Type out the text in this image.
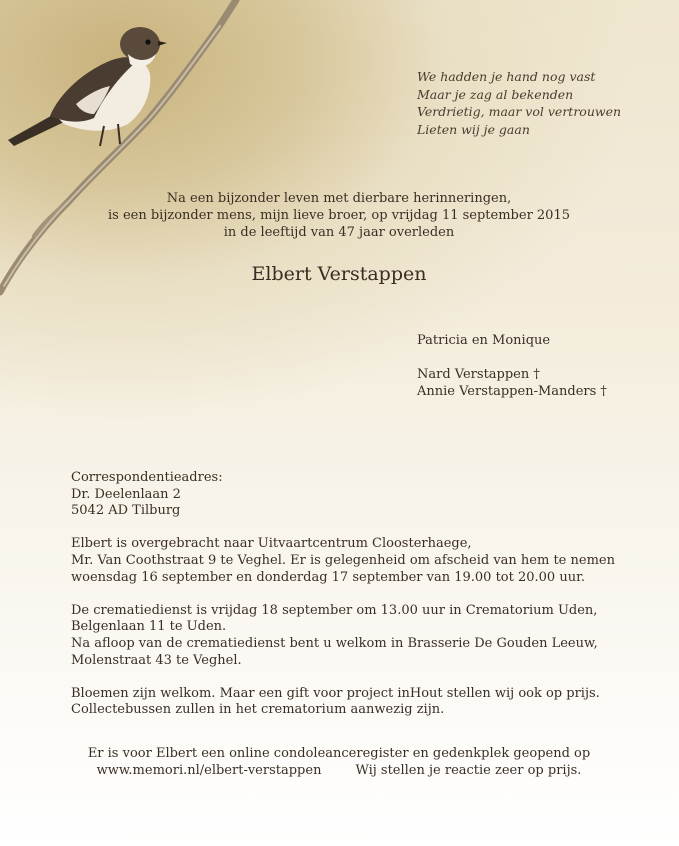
We hadden je hand nog vast
Maar je zag al bekenden
Verdrietig, maar vol vertrouwen
Lieten wij je gaan
Na een bijzonder leven met dierbare herinneringen,
is een bijzonder mens, mijn lieve broer, op vrijdag 11 september 2015
in de leeftijd van 47 jaar overleden
Elbert Verstappen
Patricia en Monique
Nard Verstappen †
Annie Verstappen-Manders †
Correspondentieadres:
Dr. Deelenlaan 2
5042 AD Tilburg
Elbert is overgebracht naar Uitvaartcentrum Cloosterhaege,
Mr. Van Coothstraat 9 te Veghel. Er is gelegenheid om afscheid van hem te nemen
woensdag 16 september en donderdag 17 september van 19.00 tot 20.00 uur.
De crematiedienst is vrijdag 18 september om 13.00 uur in Crematorium Uden,
Belgenlaan 11 te Uden.
Na afloop van de crematiedienst bent u welkom in Brasserie De Gouden Leeuw,
Molenstraat 43 te Veghel.
Bloemen zijn welkom. Maar een gift voor project inHout stellen wij ook op prijs.
Collectebussen zullen in het crematorium aanwezig zijn.
Er is voor Elbert een online condoleanceregister en gedenkplek geopend op
www.memori.nl/elbert-verstappen	Wij stellen je reactie zeer op prijs.
